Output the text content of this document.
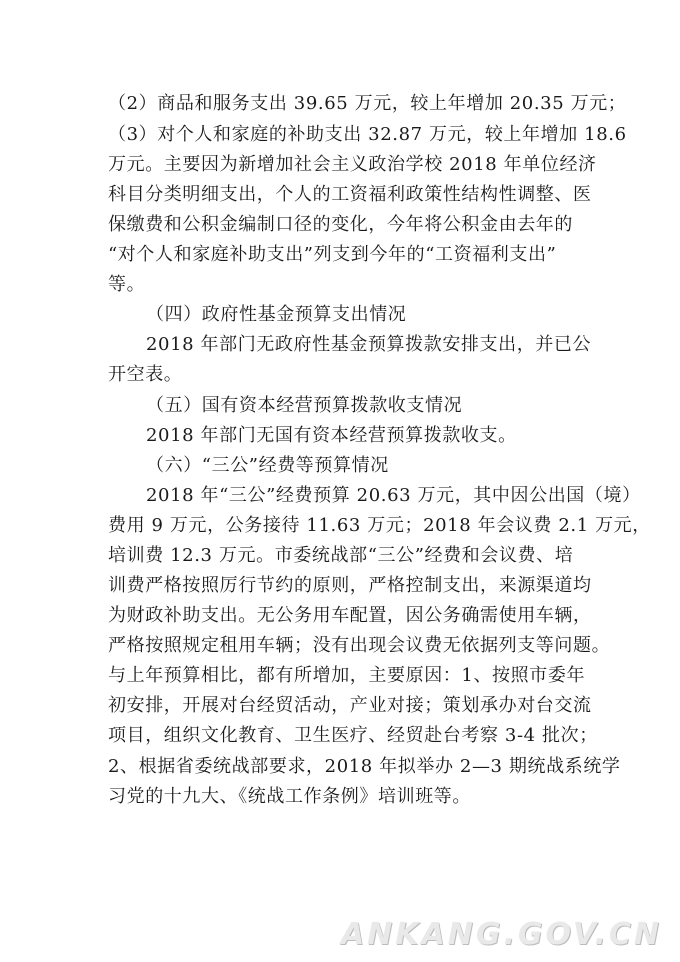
（2）商品和服务支出 39.65 万元，较上年增加 20.35 万元；
（3）对个人和家庭的补助支出 32.87 万元，较上年增加 18.6
万元。主要因为新增加社会主义政治学校 2018 年单位经济
科目分类明细支出，个人的工资福利政策性结构性调整、医
保缴费和公积金编制口径的变化，今年将公积金由去年的
“对个人和家庭补助支出”列支到今年的“工资福利支出”
等。
（四）政府性基金预算支出情况
2018 年部门无政府性基金预算拨款安排支出，并已公
开空表。
（五）国有资本经营预算拨款收支情况
2018 年部门无国有资本经营预算拨款收支。
（六）“三公”经费等预算情况
2018 年“三公”经费预算 20.63 万元，其中因公出国（境）
费用 9 万元，公务接待 11.63 万元；2018 年会议费 2.1 万元，
培训费 12.3 万元。市委统战部“三公”经费和会议费、培
训费严格按照厉行节约的原则，严格控制支出，来源渠道均
为财政补助支出。无公务用车配置，因公务确需使用车辆，
严格按照规定租用车辆；没有出现会议费无依据列支等问题。
与上年预算相比，都有所增加，主要原因：1、按照市委年
初安排，开展对台经贸活动，产业对接；策划承办对台交流
项目，组织文化教育、卫生医疗、经贸赴台考察 3-4 批次；
2、根据省委统战部要求，2018 年拟举办 2—3 期统战系统学
习党的十九大、《统战工作条例》培训班等。
ANKANG.GOV.CN
